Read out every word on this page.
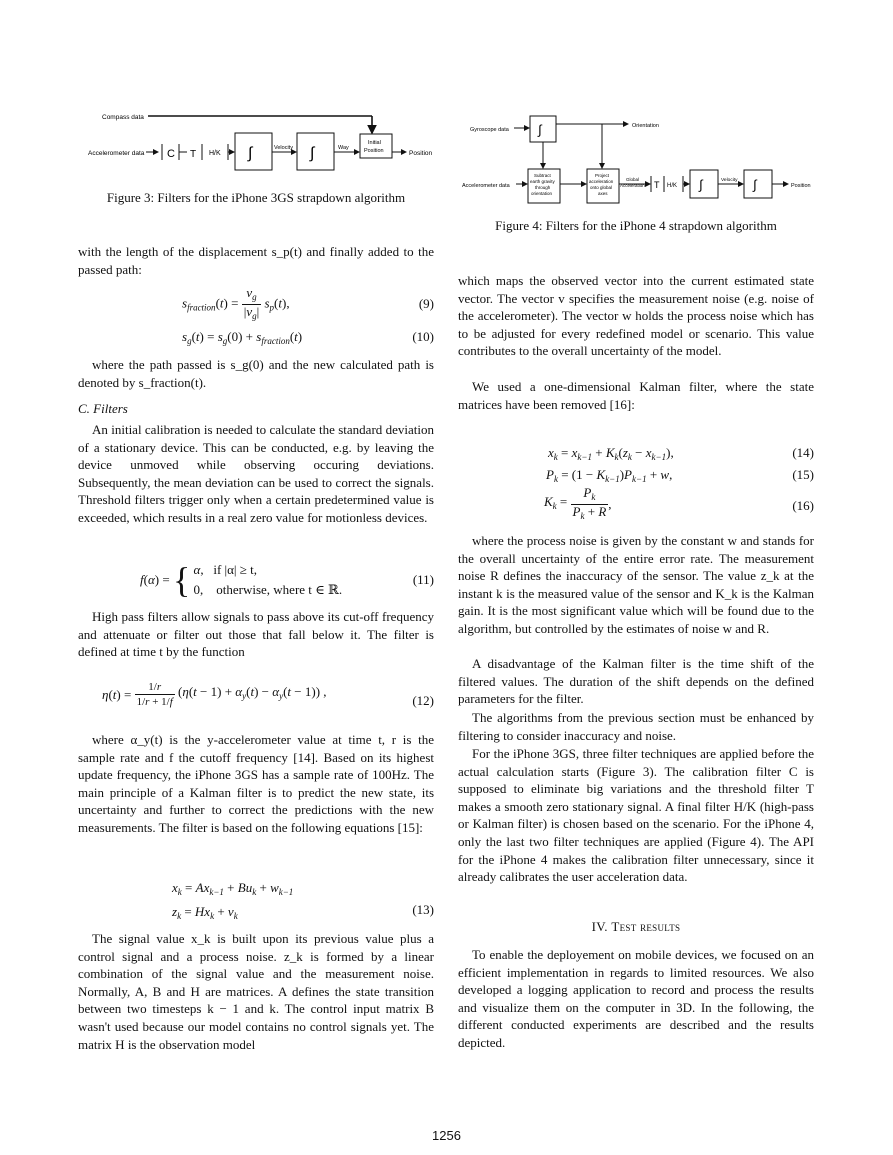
Compass data
Accelerometer data C T H/K ∫	Velocity ∫	Way
Initial
Position	Position
Figure 3: Filters for the iPhone 3GS strapdown algorithm
Gyroscope data ∫	Orientation
Accelerometer data
Subtract
earth gravity
through
orientation
Project
acceleration
onto global
axes
Global
Acceleration T H/K ∫	Velocity ∫	Position
Figure 4: Filters for the iPhone 4 strapdown algorithm

with the length of the displacement s_p(t) and finally added to the passed path:

$s_{fraction}(t) = \frac{v_g}{|v_g|} s_p(t)$,	(9)
$s_g(t) = s_g(0) + s_{fraction}(t)$	(10)

where the path passed is s_g(0) and the new calculated path is denoted by s_fraction(t).

C. Filters

An initial calibration is needed to calculate the standard deviation of a stationary device. This can be conducted, e.g. by leaving the device unmoved while observing occuring deviations. Subsequently, the mean deviation can be used to correct the signals. Threshold filters trigger only when a certain predetermined value is exceeded, which results in a real zero value for motionless devices.

f(α) = { α,   if |α| ≥ t,
0,    otherwise, where t ∈ ℝ.
(11)

High pass filters allow signals to pass above its cut-off frequency and attenuate or filter out those that fall below it. The filter is defined at time t by the function

$\eta(t) = \frac{1/r}{1/r + 1/f} (\eta(t - 1) + \alpha_y(t) - \alpha_y(t - 1))$ ,
(12)

where α_y(t) is the y-accelerometer value at time t, r is the sample rate and f the cutoff frequency [14]. Based on its highest update frequency, the iPhone 3GS has a sample rate of 100Hz. The main principle of a Kalman filter is to predict the new state, its uncertainty and further to correct the predictions with the new measurements. The filter is based on the following equations [15]:

$x_k = Ax_{k-1} + Bu_k + w_{k-1}$
$z_k = Hx_k + v_k$	(13)

The signal value x_k is built upon its previous value plus a control signal and a process noise. z_k is formed by a linear combination of the signal value and the measurement noise. Normally, A, B and H are matrices. A defines the state transition between two timesteps k − 1 and k. The control input matrix B wasn't used because our model contains no control signals yet. The matrix H is the observation model

which maps the observed vector into the current estimated state vector. The vector v specifies the measurement noise (e.g. noise of the accelerometer). The vector w holds the process noise which has to be adjusted for every redefined model or scenario. This value contributes to the overall uncertainty of the model.

We used a one-dimensional Kalman filter, where the state matrices have been removed [16]:

$x_k = x_{k-1} + K_k(z_k - x_{k-1})$,	(14)
$P_k = (1 - K_{k-1})P_{k-1} + w$,	(15)
$K_k = \frac{P_k}{P_k + R}$ ,	(16)

where the process noise is given by the constant w and stands for the overall uncertainty of the entire error rate. The measurement noise R defines the inaccuracy of the sensor. The value z_k at the instant k is the measured value of the sensor and K_k is the Kalman gain. It is the most significant value which will be found due to the algorithm, but controlled by the estimates of noise w and R.

A disadvantage of the Kalman filter is the time shift of the filtered values. The duration of the shift depends on the defined parameters for the filter.

The algorithms from the previous section must be enhanced by filtering to consider inaccuracy and noise.

For the iPhone 3GS, three filter techniques are applied before the actual calculation starts (Figure 3). The calibration filter C is supposed to eliminate big variations and the threshold filter T makes a smooth zero stationary signal. A final filter H/K (high-pass or Kalman filter) is chosen based on the scenario. For the iPhone 4, only the last two filter techniques are applied (Figure 4). The API for the iPhone 4 makes the calibration filter unnecessary, since it already calibrates the user acceleration data.

IV. Test results

To enable the deployement on mobile devices, we focused on an efficient implementation in regards to limited resources. We also developed a logging application to record and process the results and visualize them on the computer in 3D. In the following, the different conducted experiments are described and the results depicted.

1256
